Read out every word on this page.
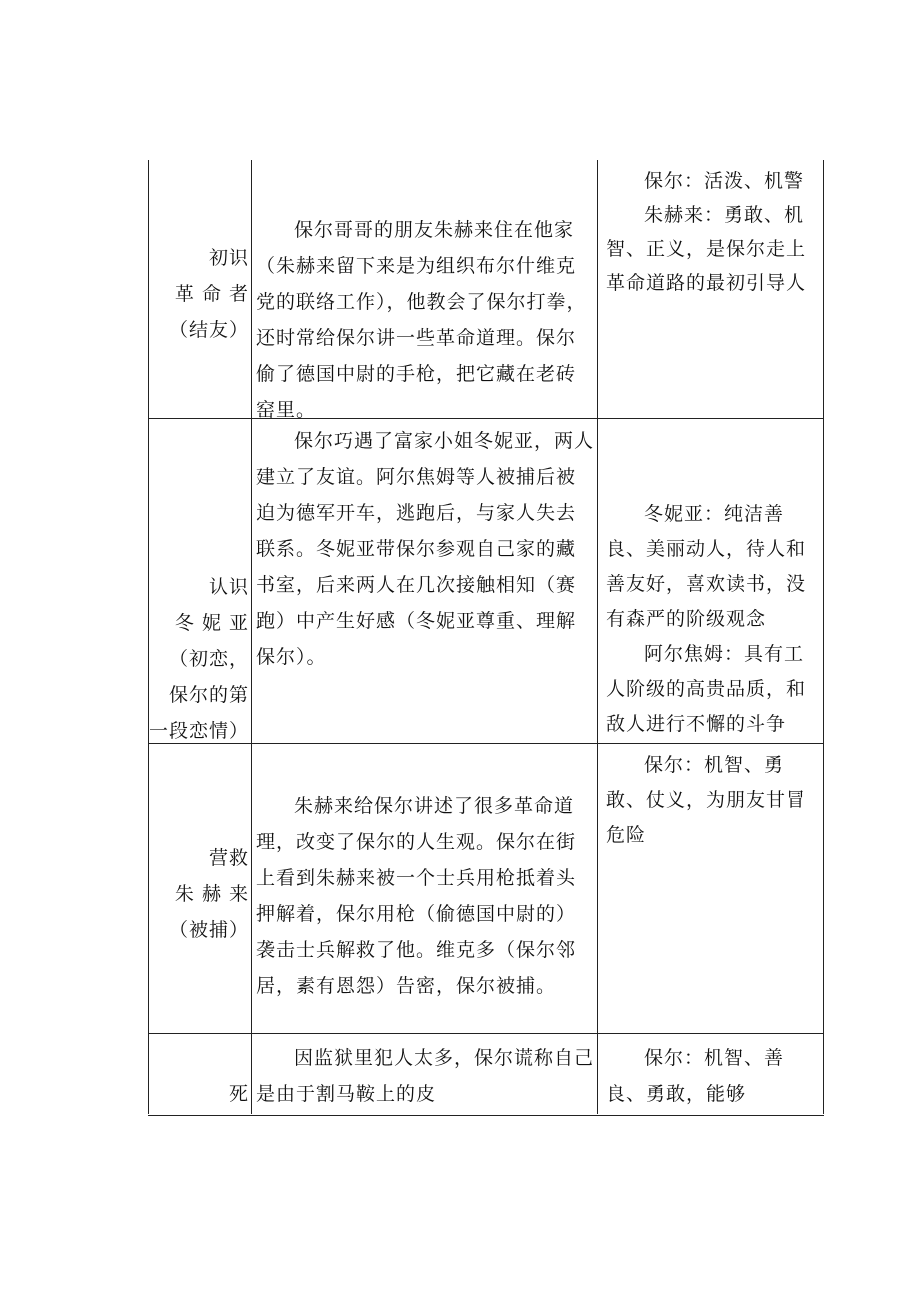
初识
革 命 者
（结友）
保尔哥哥的朋友朱赫来住在他家（朱赫来留下来是为组织布尔什维克党的联络工作），他教会了保尔打拳，还时常给保尔讲一些革命道理。保尔偷了德国中尉的手枪，把它藏在老砖窑里。
保尔：活泼、机警
朱赫来：勇敢、机智、正义，是保尔走上革命道路的最初引导人
认识
冬 妮 亚
（初恋，
保尔的第
一段恋情）
保尔巧遇了富家小姐冬妮亚，两人建立了友谊。阿尔焦姆等人被捕后被迫为德军开车，逃跑后，与家人失去联系。冬妮亚带保尔参观自己家的藏书室，后来两人在几次接触相知（赛跑）中产生好感（冬妮亚尊重、理解保尔）。
冬妮亚：纯洁善良、美丽动人，待人和善友好，喜欢读书，没有森严的阶级观念
阿尔焦姆：具有工人阶级的高贵品质，和敌人进行不懈的斗争
营救
朱 赫 来
（被捕）
朱赫来给保尔讲述了很多革命道理，改变了保尔的人生观。保尔在街上看到朱赫来被一个士兵用枪抵着头押解着，保尔用枪（偷德国中尉的）袭击士兵解救了他。维克多（保尔邻居，素有恩怨）告密，保尔被捕。
保尔：机智、勇敢、仗义，为朋友甘冒危险
死
因监狱里犯人太多，保尔谎称自己是由于割马鞍上的皮
保尔：机智、善良、勇敢，能够
